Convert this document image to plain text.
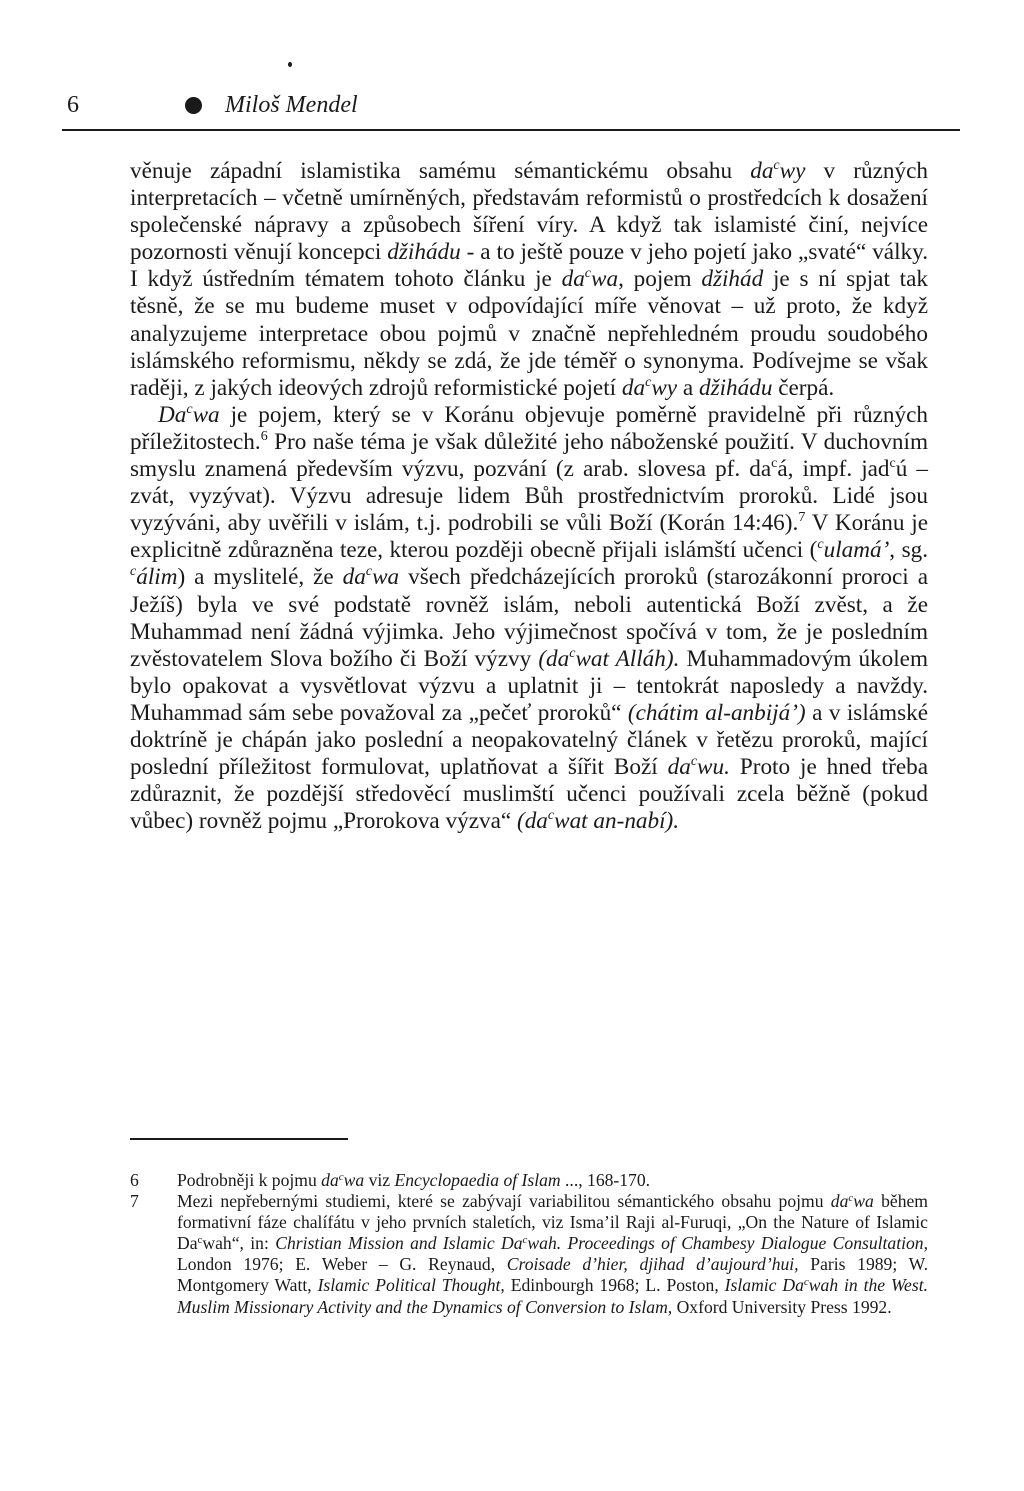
6	Miloš Mendel

věnuje západní islamistika samému sémantickému obsahu $da^cwy$ v různých interpretacích – včetně umírněných, představám reformistů o prostředcích k dosažení společenské nápravy a způsobech šíření víry. A když tak islamisté činí, nejvíce pozornosti věnují koncepci džihádu - a to ještě pouze v jeho pojetí jako „svaté“ války. I když ústředním tématem tohoto článku je $da^cwa$, pojem džihád je s ní spjat tak těsně, že se mu budeme muset v odpovídající míře věnovat – už proto, že když analyzujeme interpretace obou pojmů v značně nepřehledném proudu soudobého islámského reformismu, někdy se zdá, že jde téměř o synonyma. Podívejme se však raději, z jakých ideových zdrojů reformistické pojetí $da^cwy$ a džihádu čerpá.

Da$^c$wa je pojem, který se v Koránu objevuje poměrně pravidelně při různých příležitostech.$^6$ Pro naše téma je však důležité jeho náboženské použití. V duchovním smyslu znamená především výzvu, pozvání (z arab. slovesa pf. $da^cá$, impf. jad$^c$ú – zvát, vyzývat). Výzvu adresuje lidem Bůh prostřednictvím proroků. Lidé jsou vyzýváni, aby uvěřili v islám, t.j. podrobili se vůli Boží (Korán 14:46).$^7$ V Koránu je explicitně zdůrazněna teze, kterou později obecně přijali islámští učenci ($^c$ulamá’, sg. $^c$álim) a myslitelé, že $da^cwa$ všech předcházejících proroků (starozákonní proroci a Ježíš) byla ve své podstatě rovněž islám, neboli autentická Boží zvěst, a že Muhammad není žádná výjimka. Jeho výjimečnost spočívá v tom, že je posledním zvěstovatelem Slova božího či Boží výzvy ($da^cwat$ Alláh). Muhammadovým úkolem bylo opakovat a vysvětlovat výzvu a uplatnit ji – tentokrát naposledy a navždy. Muhammad sám sebe považoval za „pečeť proroků“ (chátim al-anbijá’) a v islámské doktríně je chápán jako poslední a neopakovatelný článek v řetězu proroků, mající poslední příležitost formulovat, uplatňovat a šířit Boží $da^cwu$. Proto je hned třeba zdůraznit, že pozdější středověcí muslimští učenci používali zcela běžně (pokud vůbec) rovněž pojmu „Prorokova výzva“ ($da^cwat$ an-nabí).

6 Podrobněji k pojmu $da^cwa$ viz Encyclopaedia of Islam ..., 168-170.
7 Mezi nepřebernými studiemi, které se zabývají variabilitou sémantického obsahu pojmu $da^cwa$ během formativní fáze chalífátu v jeho prvních staletích, viz Isma’il Raji al-Furuqi, „On the Nature of Islamic Da$^c$wah“, in: Christian Mission and Islamic Da$^c$wah. Proceedings of Chambesy Dialogue Consultation, London 1976; E. Weber – G. Reynaud, Croisade d’hier, djihad d’aujourd’hui, Paris 1989; W. Montgomery Watt, Islamic Political Thought, Edinbourgh 1968; L. Poston, Islamic Da$^c$wah in the West. Muslim Missionary Activity and the Dynamics of Conversion to Islam, Oxford University Press 1992.
